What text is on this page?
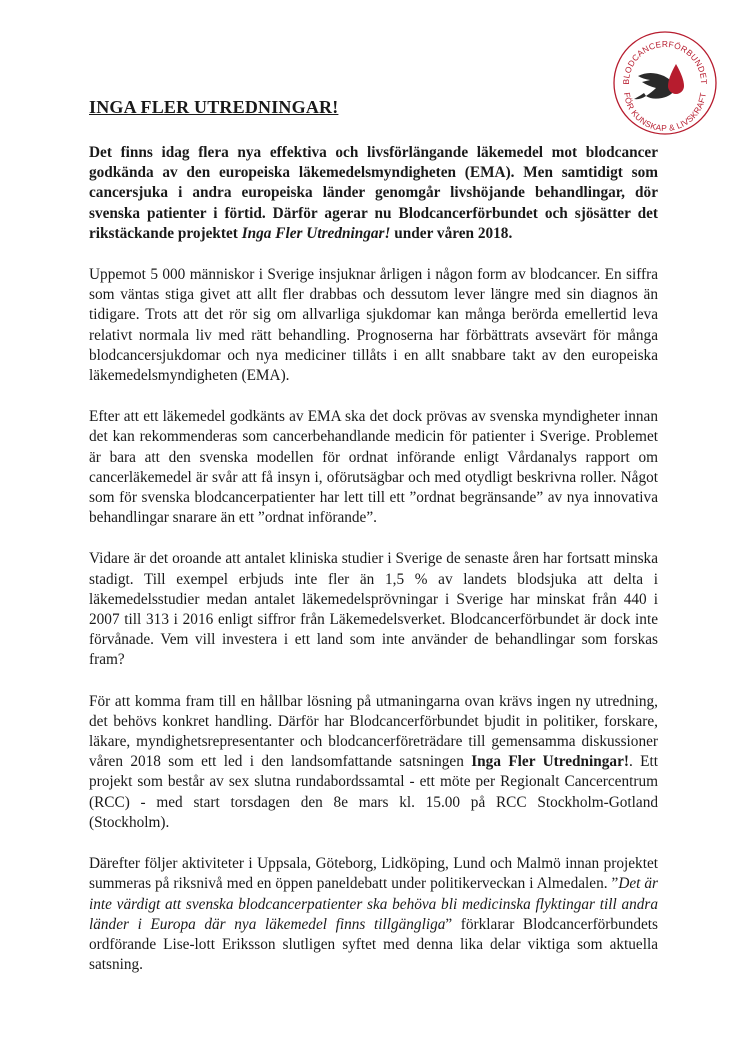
BLODCANCERFÖRBUNDET
FÖR KUNSKAP & LIVSKRAFT
INGA FLER UTREDNINGAR!

Det finns idag flera nya effektiva och livsförlängande läkemedel mot blodcancer godkända av den europeiska läkemedelsmyndigheten (EMA). Men samtidigt som cancersjuka i andra europeiska länder genomgår livshöjande behandlingar, dör svenska patienter i förtid. Därför agerar nu Blodcancerförbundet och sjösätter det rikstäckande projektet Inga Fler Utredningar! under våren 2018.

Uppemot 5 000 människor i Sverige insjuknar årligen i någon form av blodcancer. En siffra som väntas stiga givet att allt fler drabbas och dessutom lever längre med sin diagnos än tidigare. Trots att det rör sig om allvarliga sjukdomar kan många berörda emellertid leva relativt normala liv med rätt behandling. Prognoserna har förbättrats avsevärt för många blodcancersjukdomar och nya mediciner tillåts i en allt snabbare takt av den europeiska läkemedelsmyndigheten (EMA).

Efter att ett läkemedel godkänts av EMA ska det dock prövas av svenska myndigheter innan det kan rekommenderas som cancerbehandlande medicin för patienter i Sverige. Problemet är bara att den svenska modellen för ordnat införande enligt Vårdanalys rapport om cancerläkemedel är svår att få insyn i, oförutsägbar och med otydligt beskrivna roller. Något som för svenska blodcancerpatienter har lett till ett ”ordnat begränsande” av nya innovativa behandlingar snarare än ett ”ordnat införande”.

Vidare är det oroande att antalet kliniska studier i Sverige de senaste åren har fortsatt minska stadigt. Till exempel erbjuds inte fler än 1,5 % av landets blodsjuka att delta i läkemedelsstudier medan antalet läkemedelsprövningar i Sverige har minskat från 440 i 2007 till 313 i 2016 enligt siffror från Läkemedelsverket. Blodcancerförbundet är dock inte förvånade. Vem vill investera i ett land som inte använder de behandlingar som forskas fram?

För att komma fram till en hållbar lösning på utmaningarna ovan krävs ingen ny utredning, det behövs konkret handling. Därför har Blodcancerförbundet bjudit in politiker, forskare, läkare, myndighetsrepresentanter och blodcancerföreträdare till gemensamma diskussioner våren 2018 som ett led i den landsomfattande satsningen Inga Fler Utredningar!. Ett projekt som består av sex slutna rundabordssamtal - ett möte per Regionalt Cancercentrum (RCC) - med start torsdagen den 8e mars kl. 15.00 på RCC Stockholm-Gotland (Stockholm).

Därefter följer aktiviteter i Uppsala, Göteborg, Lidköping, Lund och Malmö innan projektet summeras på riksnivå med en öppen paneldebatt under politikerveckan i Almedalen. ”Det är inte värdigt att svenska blodcancerpatienter ska behöva bli medicinska flyktingar till andra länder i Europa där nya läkemedel finns tillgängliga” förklarar Blodcancerförbundets ordförande Lise-lott Eriksson slutligen syftet med denna lika delar viktiga som aktuella satsning.
